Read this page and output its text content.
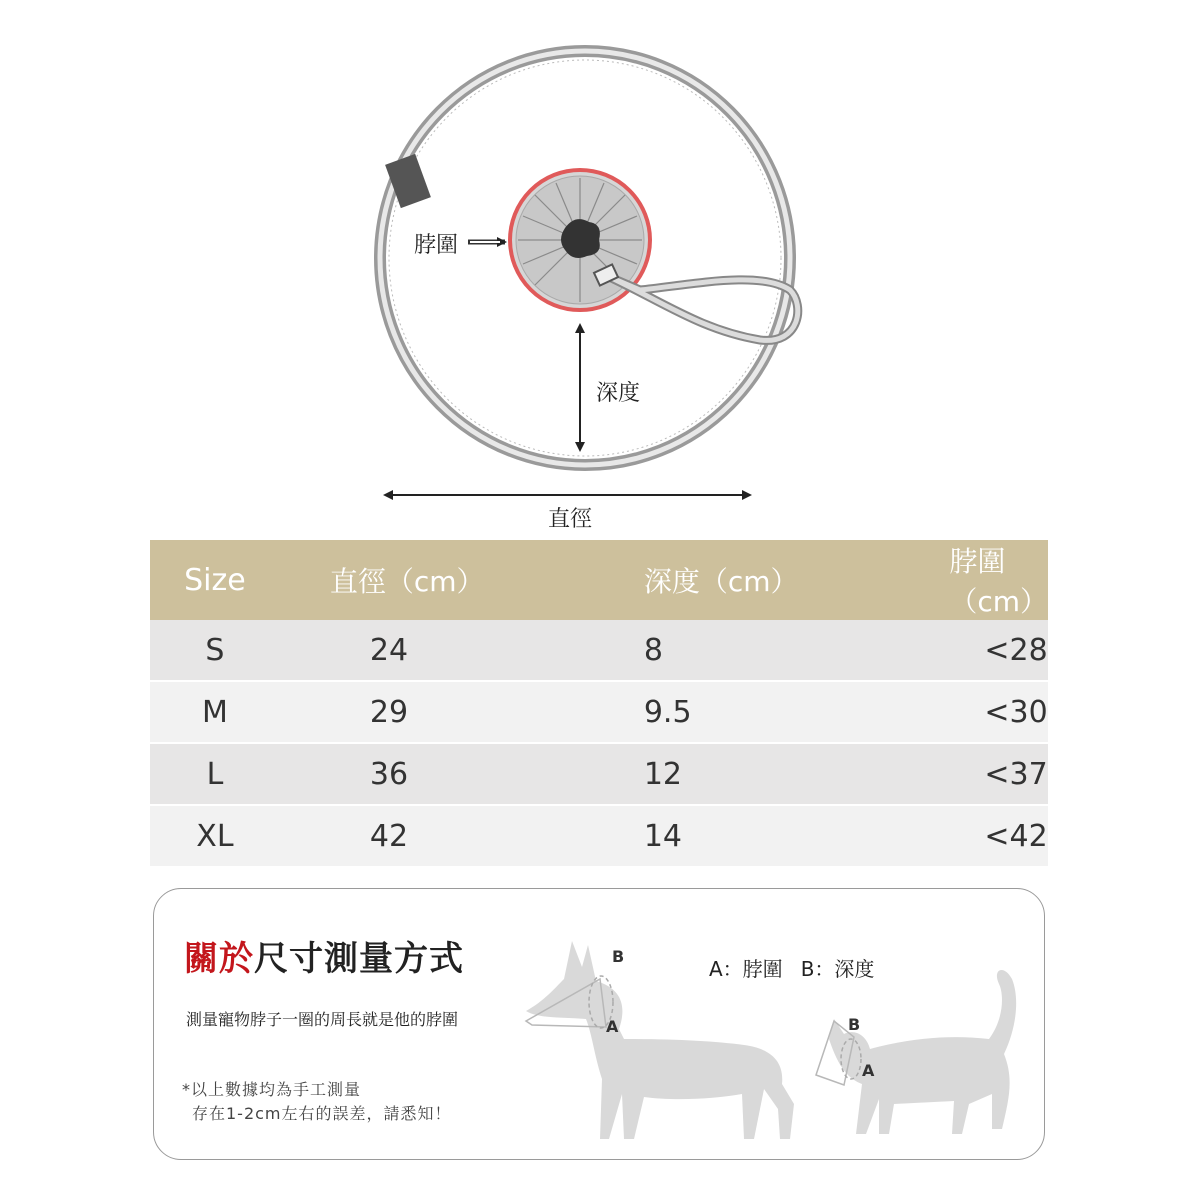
脖圍
深度
直徑
Size	直徑（cm）	深度（cm）	脖圍（cm）
S	24	8	<28
M	29	9.5	<30
L	36	12	<37
XL	42	14	<42
B
A	B
A
關於尺寸測量方式
測量寵物脖子一圈的周長就是他的脖圍
*以上數據均為手工測量
存在1-2cm左右的誤差，請悉知！
A：脖圍 B：深度
